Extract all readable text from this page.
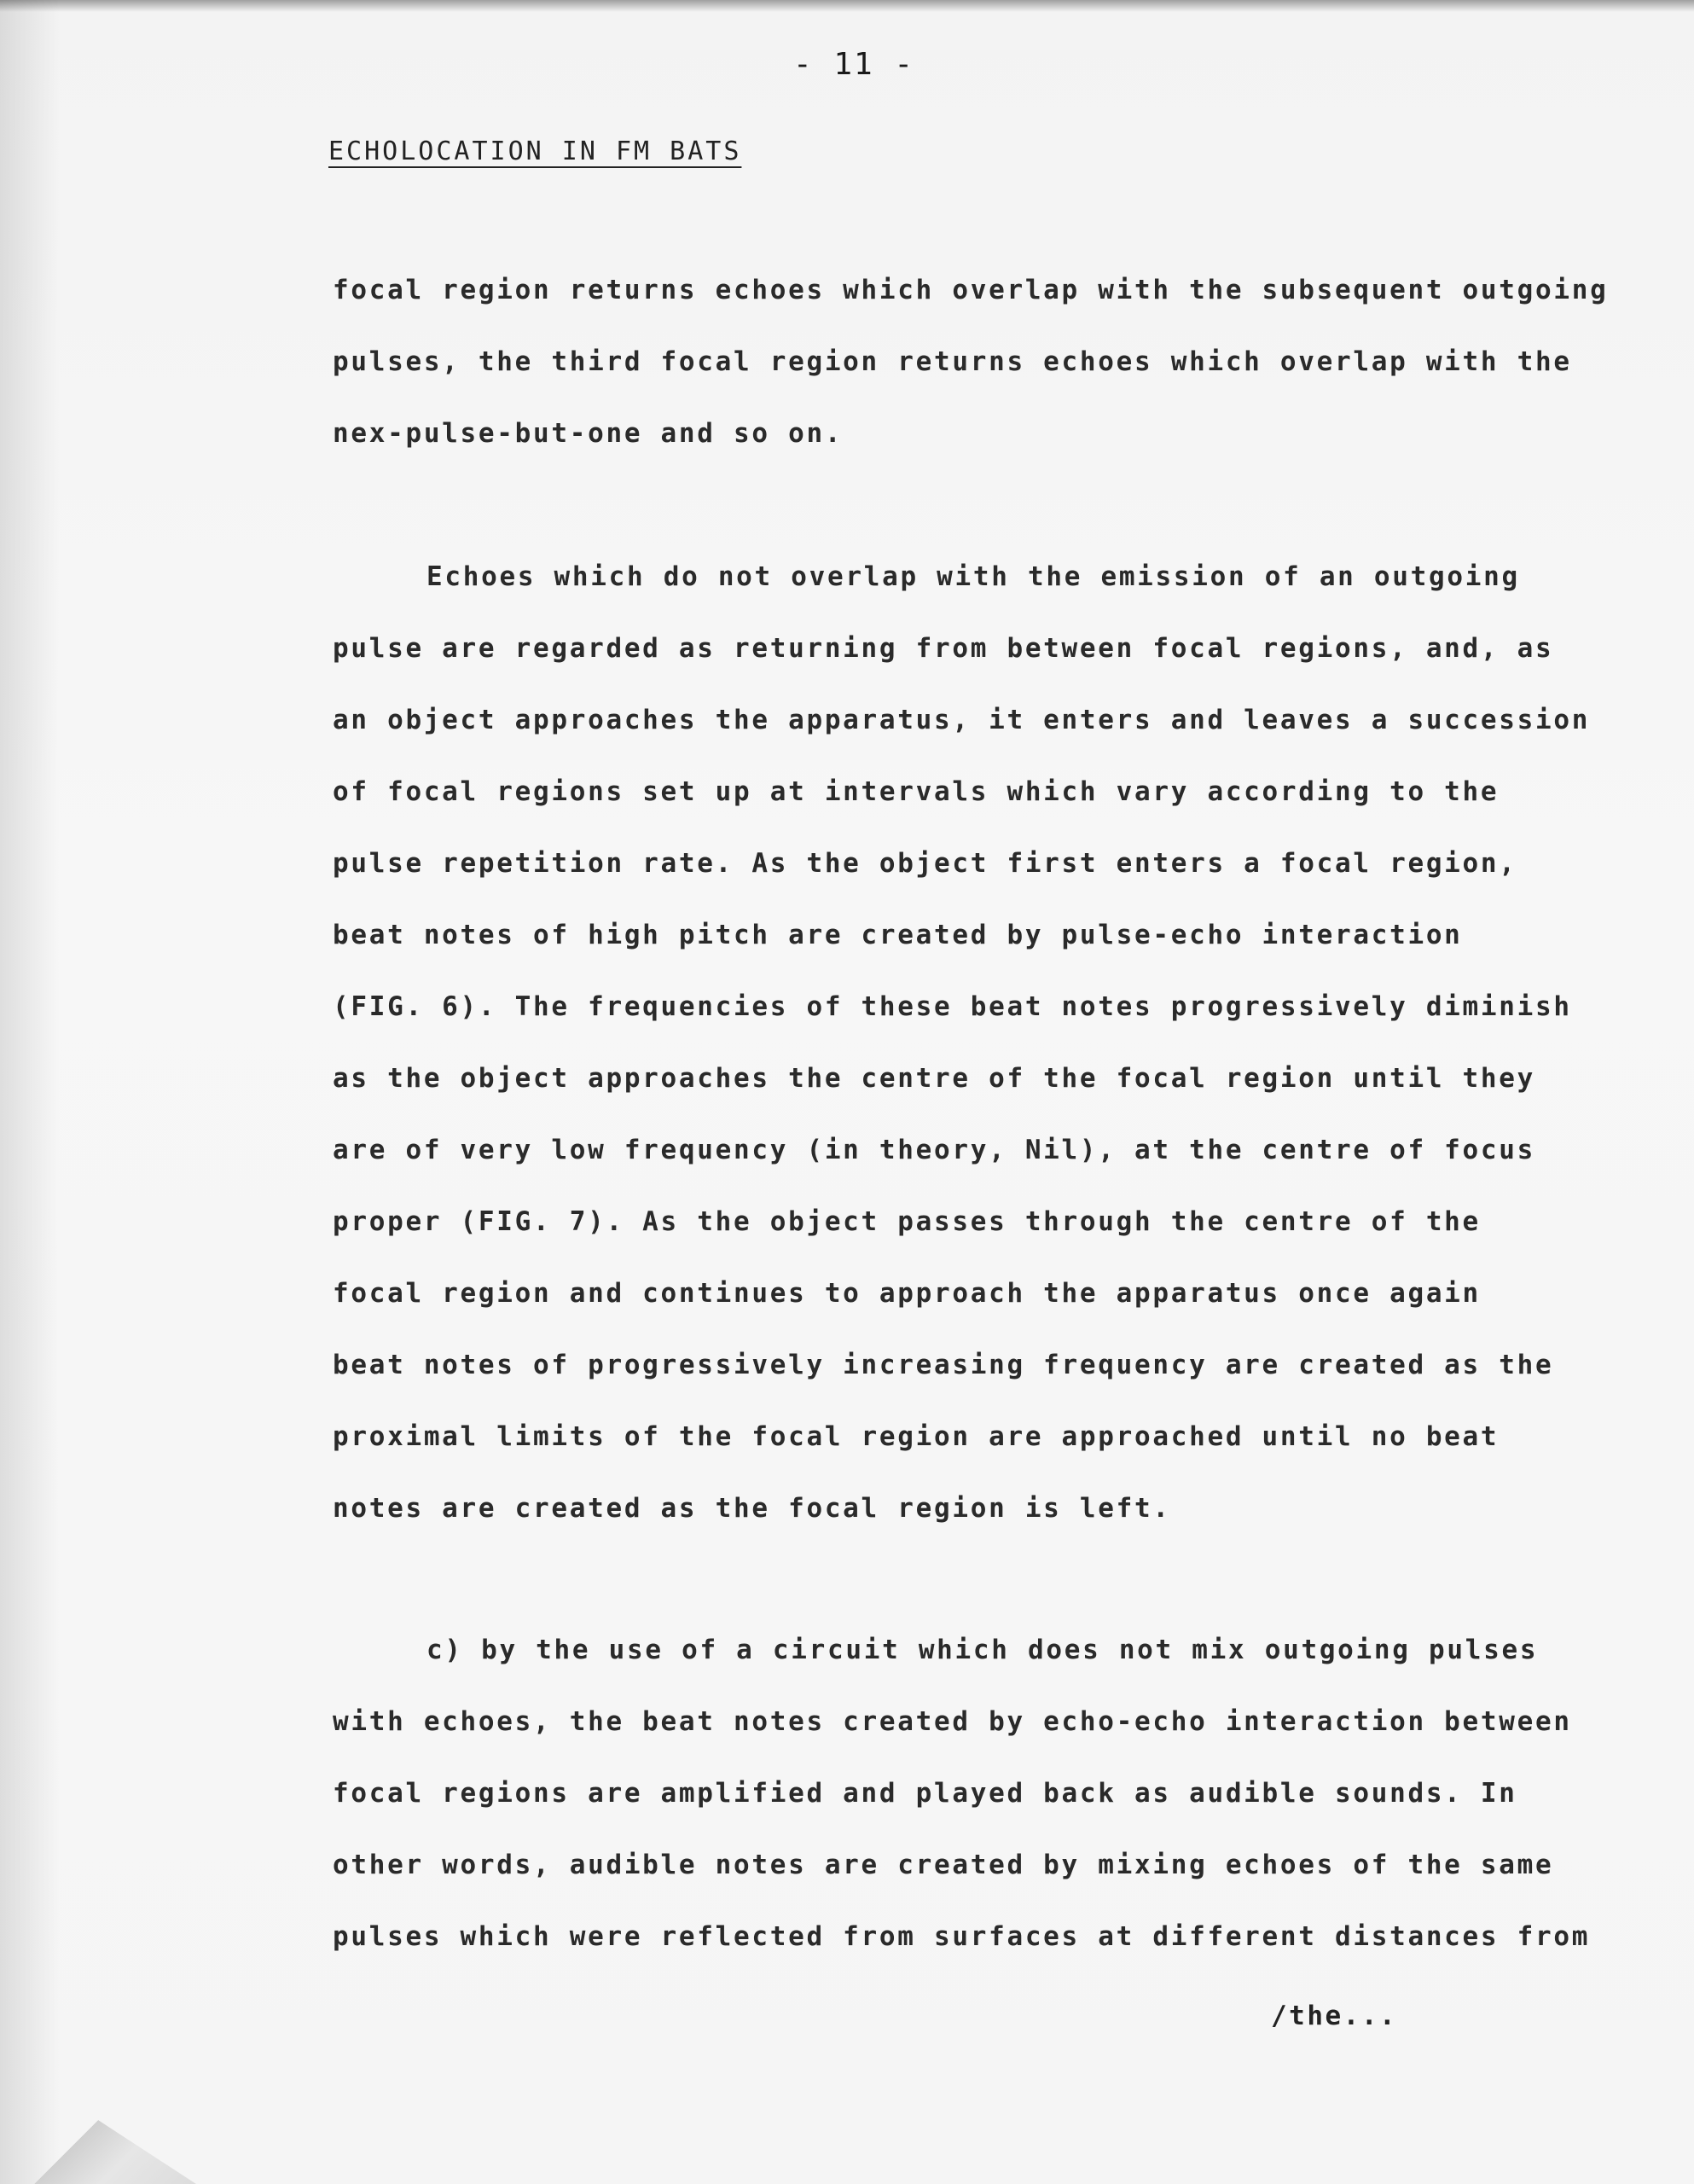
- 11 -
ECHOLOCATION IN FM BATS
focal region returns echoes which overlap with the subsequent outgoing
pulses, the third focal region returns echoes which overlap with the
nex-pulse-but-one and so on.
Echoes which do not overlap with the emission of an outgoing
pulse are regarded as returning from between focal regions, and, as
an object approaches the apparatus, it enters and leaves a succession
of focal regions set up at intervals which vary according to the
pulse repetition rate. As the object first enters a focal region,
beat notes of high pitch are created by pulse-echo interaction
(FIG. 6). The frequencies of these beat notes progressively diminish
as the object approaches the centre of the focal region until they
are of very low frequency (in theory, Nil), at the centre of focus
proper (FIG. 7). As the object passes through the centre of the
focal region and continues to approach the apparatus once again
beat notes of progressively increasing frequency are created as the
proximal limits of the focal region are approached until no beat
notes are created as the focal region is left.
c) by the use of a circuit which does not mix outgoing pulses
with echoes, the beat notes created by echo-echo interaction between
focal regions are amplified and played back as audible sounds. In
other words, audible notes are created by mixing echoes of the same
pulses which were reflected from surfaces at different distances from
/the...
